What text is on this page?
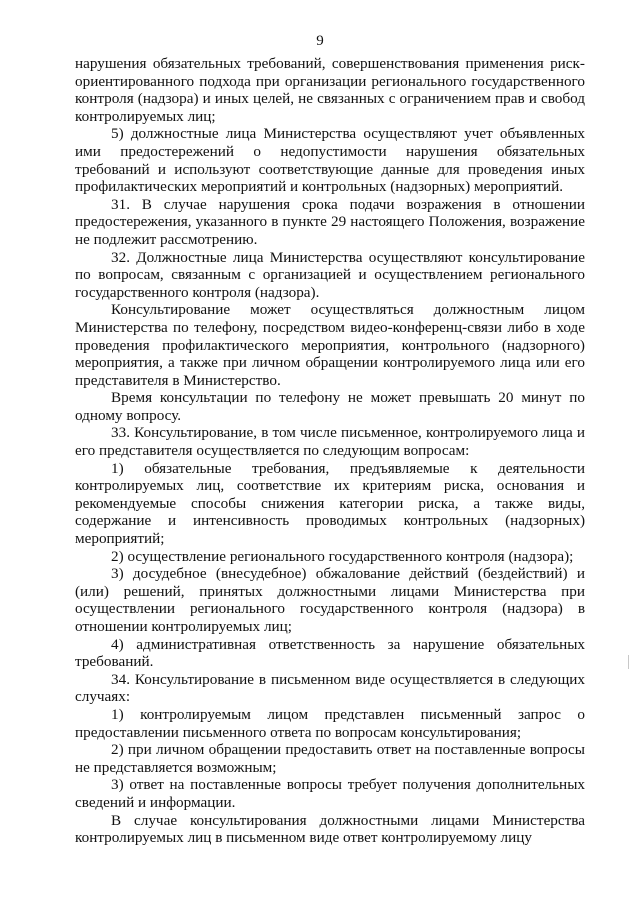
9

нарушения обязательных требований, совершенствования применения риск-ориентированного подхода при организации регионального государственного контроля (надзора) и иных целей, не связанных с ограничением прав и свобод контролируемых лиц;

5) должностные лица Министерства осуществляют учет объявленных ими предостережений о недопустимости нарушения обязательных требований и используют соответствующие данные для проведения иных профилактических мероприятий и контрольных (надзорных) мероприятий.

31. В случае нарушения срока подачи возражения в отношении предостережения, указанного в пункте 29 настоящего Положения, возражение не подлежит рассмотрению.

32. Должностные лица Министерства осуществляют консультирование по вопросам, связанным с организацией и осуществлением регионального государственного контроля (надзора).

Консультирование может осуществляться должностным лицом Министерства по телефону, посредством видео-конференц-связи либо в ходе проведения профилактического мероприятия, контрольного (надзорного) мероприятия, а также при личном обращении контролируемого лица или его представителя в Министерство.

Время консультации по телефону не может превышать 20 минут по одному вопросу.

33. Консультирование, в том числе письменное, контролируемого лица и его представителя осуществляется по следующим вопросам:

1) обязательные требования, предъявляемые к деятельности контролируемых лиц, соответствие их критериям риска, основания и рекомендуемые способы снижения категории риска, а также виды, содержание и интенсивность проводимых контрольных (надзорных) мероприятий;

2) осуществление регионального государственного контроля (надзора);

3) досудебное (внесудебное) обжалование действий (бездействий) и (или) решений, принятых должностными лицами Министерства при осуществлении регионального государственного контроля (надзора) в отношении контролируемых лиц;

4) административная ответственность за нарушение обязательных требований.

34. Консультирование в письменном виде осуществляется в следующих случаях:

1) контролируемым лицом представлен письменный запрос о предоставлении письменного ответа по вопросам консультирования;

2) при личном обращении предоставить ответ на поставленные вопросы не представляется возможным;

3) ответ на поставленные вопросы требует получения дополнительных сведений и информации.

В случае консультирования должностными лицами Министерства контролируемых лиц в письменном виде ответ контролируемому лицу
